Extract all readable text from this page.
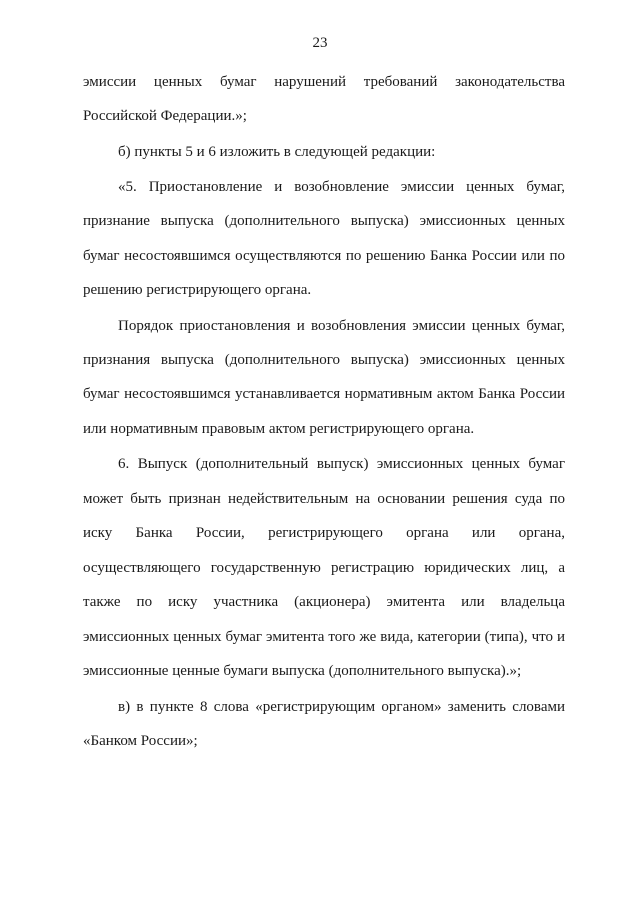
23
эмиссии ценных бумаг нарушений требований законодательства
Российской Федерации.»;
б) пункты 5 и 6 изложить в следующей редакции:
«5. Приостановление и возобновление эмиссии ценных бумаг,
признание выпуска (дополнительного выпуска) эмиссионных ценных
бумаг несостоявшимся осуществляются по решению Банка России или по
решению регистрирующего органа.
Порядок приостановления и возобновления эмиссии ценных бумаг,
признания выпуска (дополнительного выпуска) эмиссионных ценных
бумаг несостоявшимся устанавливается нормативным актом Банка России
или нормативным правовым актом регистрирующего органа.
6. Выпуск (дополнительный выпуск) эмиссионных ценных бумаг
может быть признан недействительным на основании решения суда по
иску Банка России, регистрирующего органа или органа,
осуществляющего государственную регистрацию юридических лиц, а
также по иску участника (акционера) эмитента или владельца
эмиссионных ценных бумаг эмитента того же вида, категории (типа), что и
эмиссионные ценные бумаги выпуска (дополнительного выпуска).»;
в) в пункте 8 слова «регистрирующим органом» заменить словами
«Банком России»;
